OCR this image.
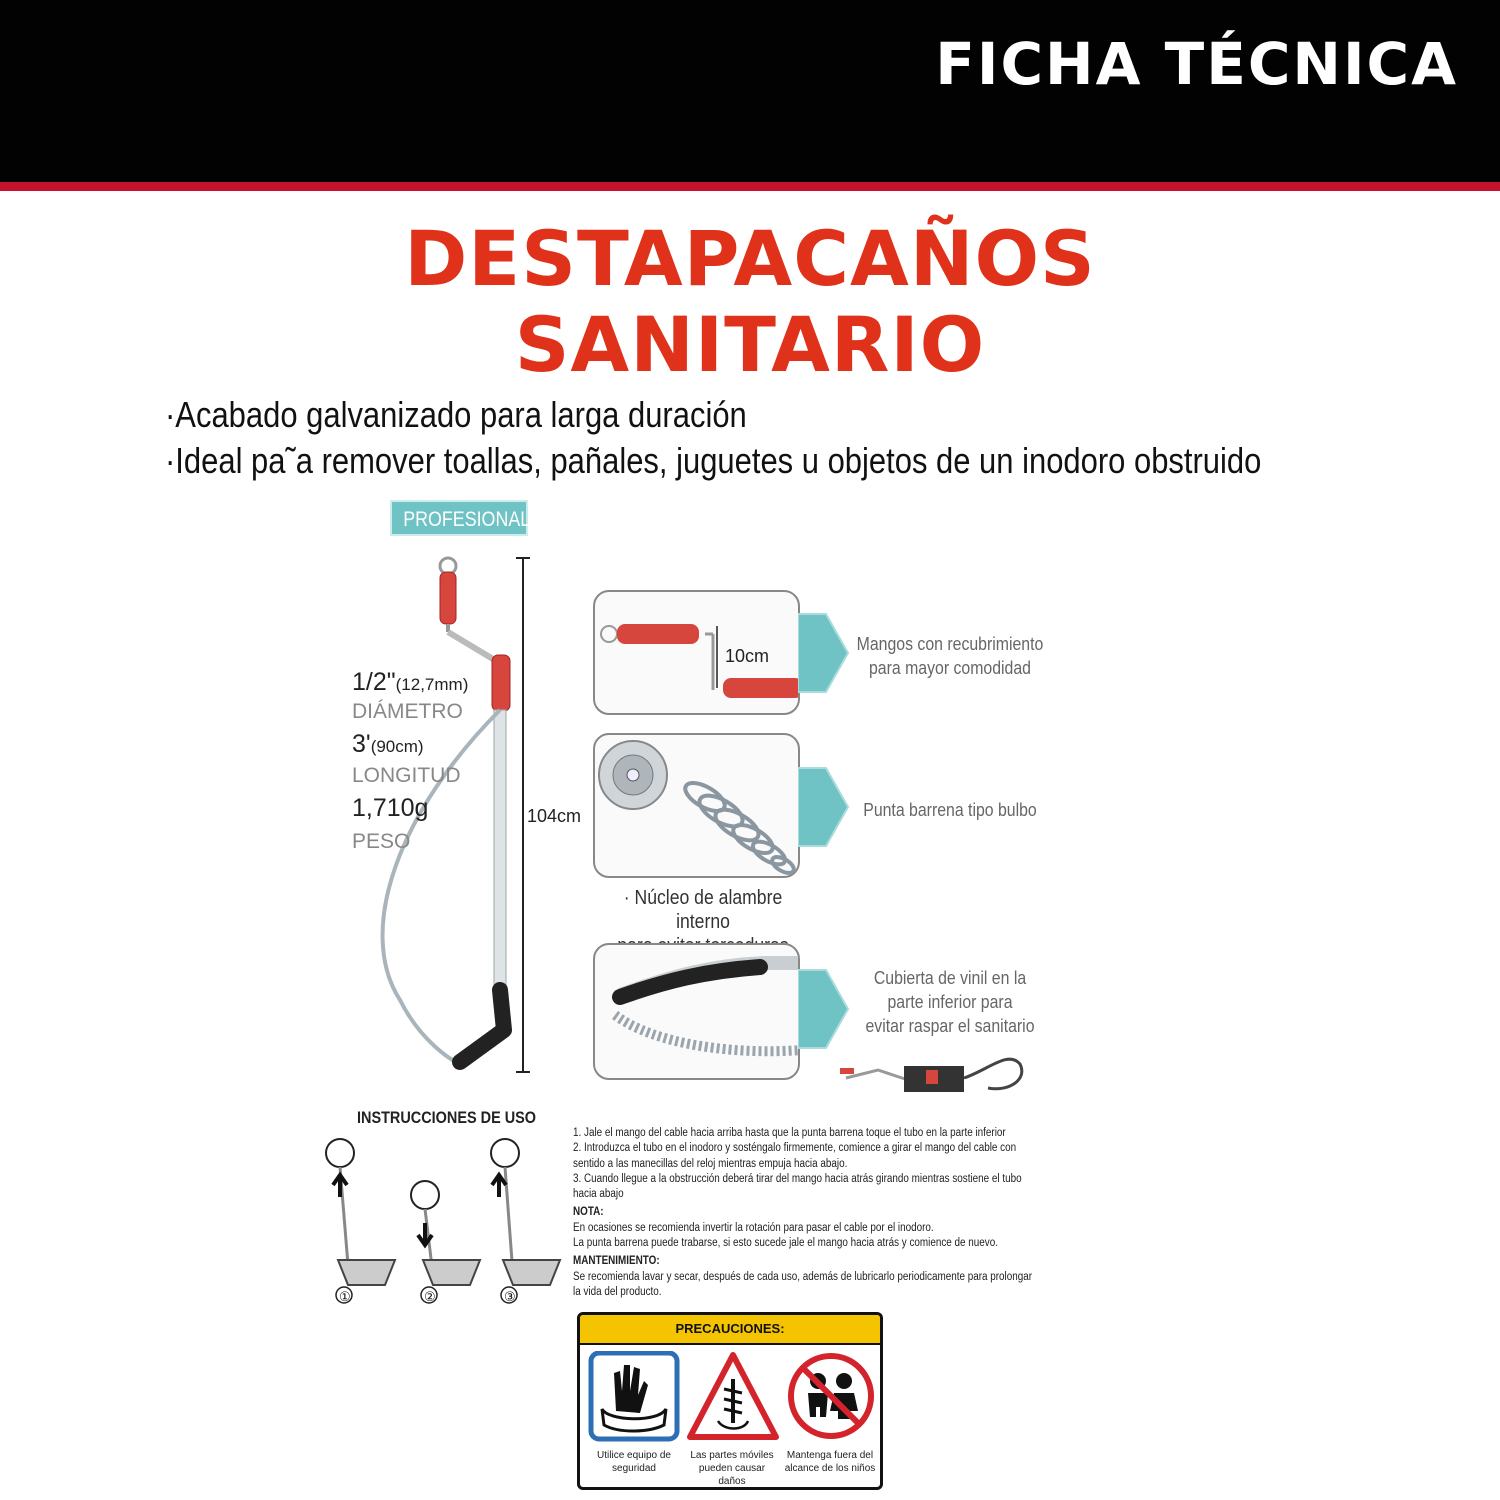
FICHA TÉCNICA
DESTAPACAÑOS
SANITARIO
·Acabado galvanizado para larga duración
·Ideal pa˜a remover toallas, pañales, juguetes u objetos de un inodoro obstruido
PROFESIONAL
104cm
1/2"(12,7mm)
DIÁMETRO
3'(90cm)
LONGITUD
1,710g
PESO
10cm
Mangos con recubrimiento
para mayor comodidad
Punta barrena tipo bulbo
· Núcleo de alambre interno
Cubierta de vinil en la
parte inferior para
evitar raspar el sanitario
INSTRUCCIONES DE USO
①	②	③
1. Jale el mango del cable hacia arriba hasta que la punta barrena toque el tubo en la parte inferior
2. Introduzca el tubo en el inodoro y sosténgalo firmemente, comience a girar el mango del cable con sentido a las manecillas del reloj mientras empuja hacia abajo.
3. Cuando llegue a la obstrucción deberá tirar del mango hacia atrás girando mientras sostiene el tubo hacia abajo
NOTA:
En ocasiones se recomienda invertir la rotación para pasar el cable por el inodoro.
La punta barrena puede trabarse, si esto sucede jale el mango hacia atrás y comience de nuevo.
MANTENIMIENTO:
Se recomienda lavar y secar, después de cada uso, además de lubricarlo periodicamente para prolongar la vida del producto.
PRECAUCIONES:
Utilice equipo de seguridad
Las partes móviles pueden causar daños
Mantenga fuera del alcance de los niños
